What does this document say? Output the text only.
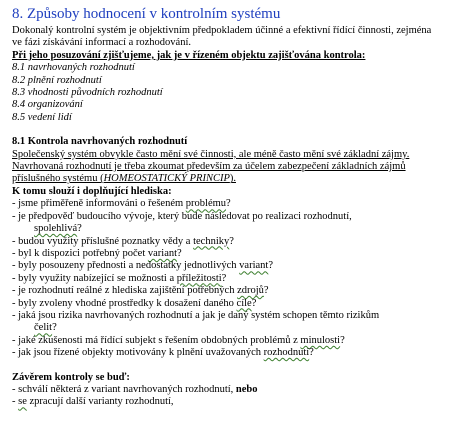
8. Způsoby hodnocení v kontrolním systému

Dokonalý kontrolní systém je objektivním předpokladem účinné a efektivní řídící činnosti, zejména
ve fázi získávání informací a rozhodování.

Při jeho posuzování zjišťujeme, jak je v řízeném objektu zajišťována kontrola:

8.1 navrhovaných rozhodnutí
8.2 plnění rozhodnutí
8.3 vhodnosti původních rozhodnutí
8.4 organizování
8.5 vedení lidí

8.1 Kontrola navrhovaných rozhodnutí

Společenský systém obvykle často mění své činnosti, ale méně často mění své základní zájmy.
Navrhovaná rozhodnutí je třeba zkoumat především za účelem zabezpečení základních zájmů
příslušného systému (HOMEOSTATICKÝ PRINCIP).

K tomu slouží i doplňující hlediska:

- jsme přiměřeně informováni o řešeném problému?
- je předpověď budoucího vývoje, který bude následovat po realizaci rozhodnutí,
spolehlivá?
- budou využity příslušné poznatky vědy a techniky?
- byl k dispozici potřebný počet variant?
- byly posouzeny přednosti a nedostatky jednotlivých variant?
- byly využity nabízející se možnosti a příležitosti?
- je rozhodnutí reálné z hlediska zajištění potřebných zdrojů?
- byly zvoleny vhodné prostředky k dosažení daného cíle?
- jaká jsou rizika navrhovaných rozhodnutí a jak je daný systém schopen těmto rizikům
čelit?
- jaké zkušenosti má řídící subjekt s řešením obdobných problémů z minulosti?
- jak jsou řízené objekty motivovány k plnění uvažovaných rozhodnutí?

Závěrem kontroly se buď:

- schválí některá z variant navrhovaných rozhodnutí, nebo

- se zpracují další varianty rozhodnutí,
